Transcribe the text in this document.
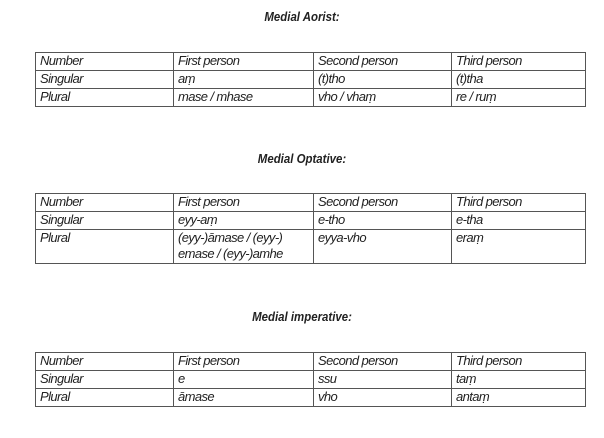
Medial Aorist:
Number	First person	Second person	Third person
Singular	aṃ	(t)tho	(t)tha
Plural	mase / mhase	vho / vhaṃ	re / ruṃ
Medial Optative:
Number	First person	Second person	Third person
Singular	eyy-aṃ	e-tho	e-tha
Plural	(eyy-)āmase / (eyy-) emase / (eyy-)amhe	eyya-vho	eraṃ
Medial imperative:
Number	First person	Second person	Third person
Singular	e	ssu	taṃ
Plural	āmase	vho	antaṃ
